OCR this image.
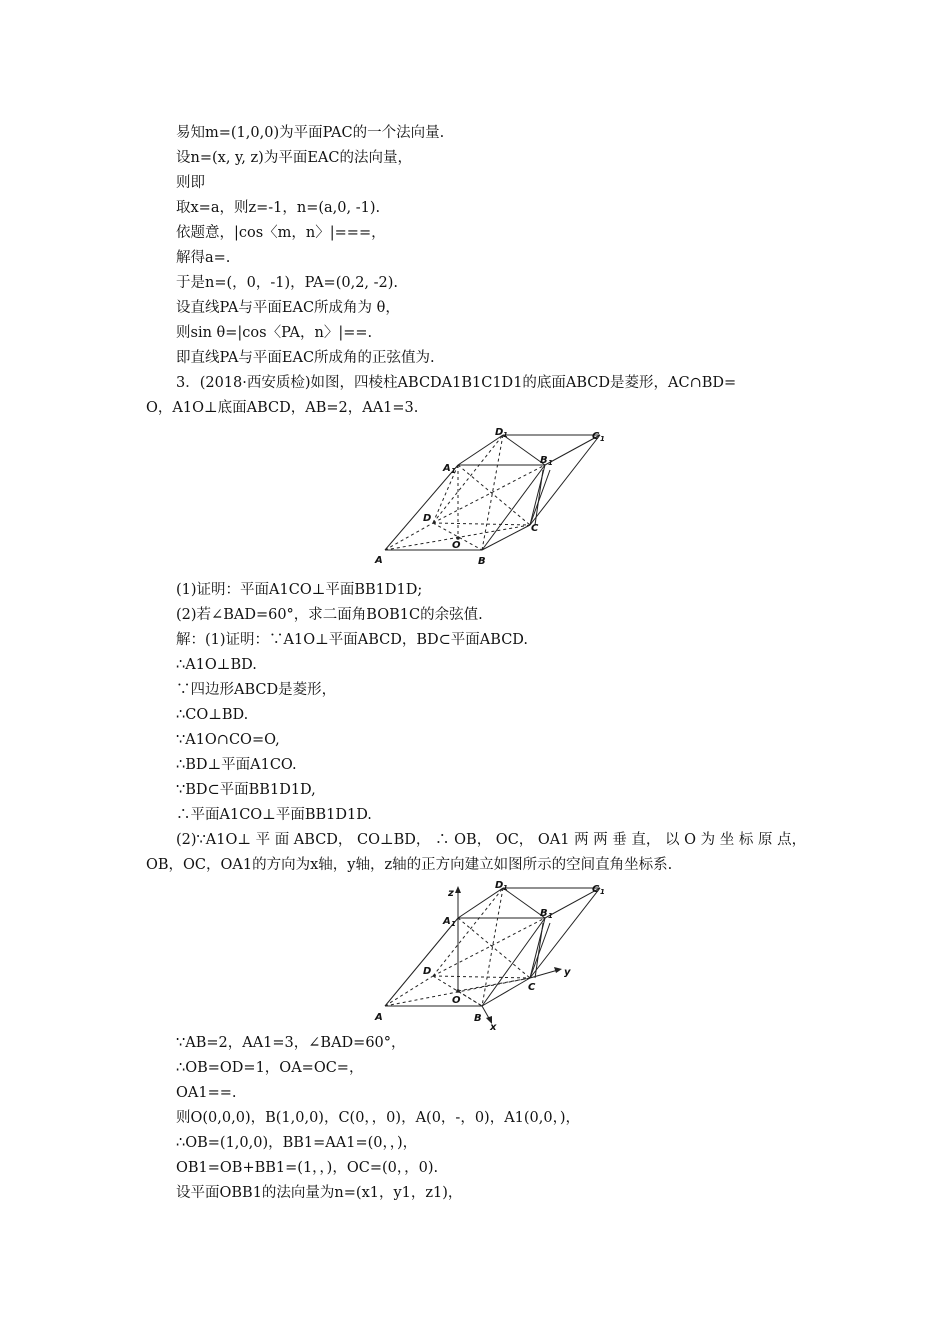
易知m=(1,0,0)为平面PAC的一个法向量.
设n=(x, y, z)为平面EAC的法向量，
则即
取x=a，则z=-1，n=(a,0, -1).
依题意，|cos〈m，n〉|===，
解得a=.
于是n=(，0，-1)，PA=(0,2, -2).
设直线PA与平面EAC所成角为 θ，
则sin θ=|cos〈PA，n〉|==.
即直线PA与平面EAC所成角的正弦值为.
3．(2018·西安质检)如图，四棱柱ABCDA1B1C1D1的底面ABCD是菱形，AC∩BD=
O，A1O⊥底面ABCD，AB=2，AA1=3.
A	B
C
D
O
A 1
B 1
C 1
D 1
(1)证明：平面A1CO⊥平面BB1D1D;
(2)若∠BAD=60°，求二面角BOB1C的余弦值.
解：(1)证明：∵A1O⊥平面ABCD，BD⊂平面ABCD.
∴A1O⊥BD.
∵四边形ABCD是菱形，
∴CO⊥BD.
∵A1O∩CO=O,
∴BD⊥平面A1CO.
∵BD⊂平面BB1D1D,
∴平面A1CO⊥平面BB1D1D.
(2)∵A1O⊥ 平 面 ABCD， CO⊥BD， ∴ OB， OC， OA1 两 两 垂 直， 以 O 为 坐 标 原 点，
OB，OC，OA1的方向为x轴，y轴，z轴的正方向建立如图所示的空间直角坐标系.
A	B
C
D
O
A 1
B 1
C 1
D 1
z
y
x
∵AB=2，AA1=3，∠BAD=60°，
∴OB=OD=1，OA=OC=，
OA1==.
则O(0,0,0)，B(1,0,0)，C(0，，0)，A(0，-，0)，A1(0,0，)，
∴OB=(1,0,0)，BB1=AA1=(0，，)，
OB1=OB+BB1=(1，，)，OC=(0，，0).
设平面OBB1的法向量为n=(x1，y1，z1)，
